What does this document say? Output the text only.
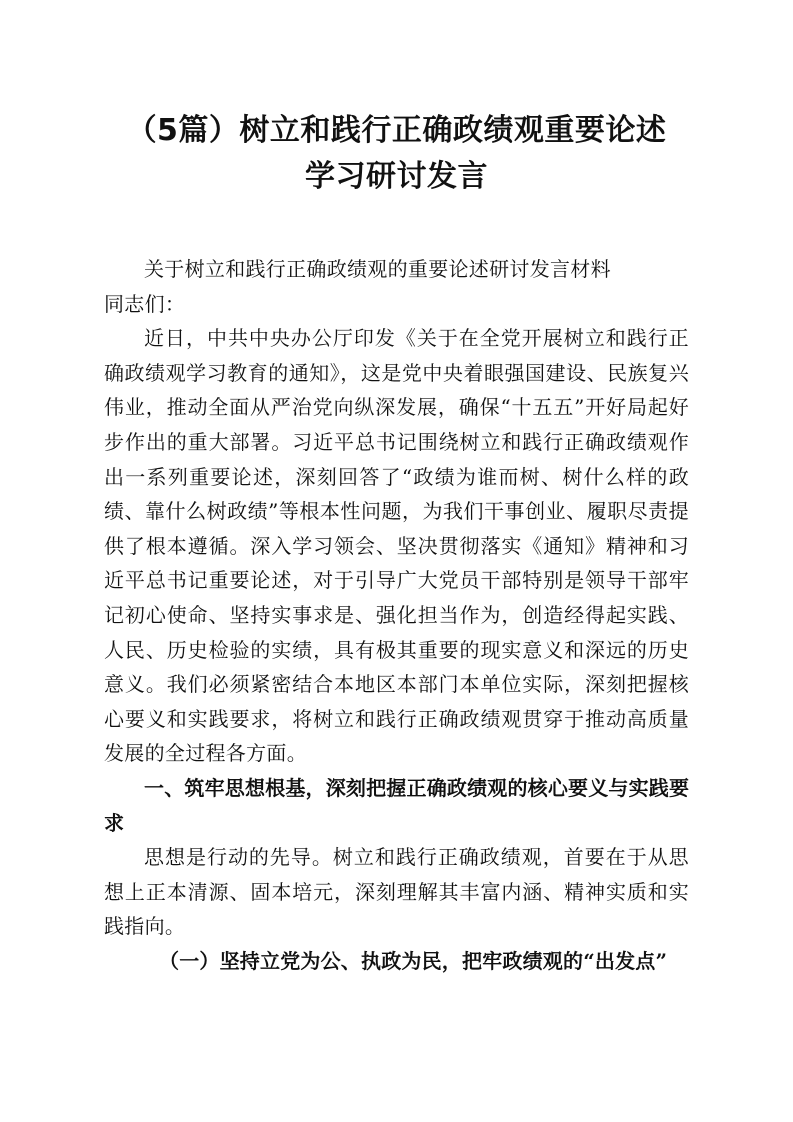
（5篇）树立和践行正确政绩观重要论述
学习研讨发言

关于树立和践行正确政绩观的重要论述研讨发言材料

同志们：

近日，中共中央办公厅印发《关于在全党开展树立和践行正确政绩观学习教育的通知》，这是党中央着眼强国建设、民族复兴伟业，推动全面从严治党向纵深发展，确保“十五五”开好局起好步作出的重大部署。习近平总书记围绕树立和践行正确政绩观作出一系列重要论述，深刻回答了“政绩为谁而树、树什么样的政绩、靠什么树政绩”等根本性问题，为我们干事创业、履职尽责提供了根本遵循。深入学习领会、坚决贯彻落实《通知》精神和习近平总书记重要论述，对于引导广大党员干部特别是领导干部牢记初心使命、坚持实事求是、强化担当作为，创造经得起实践、人民、历史检验的实绩，具有极其重要的现实意义和深远的历史意义。我们必须紧密结合本地区本部门本单位实际，深刻把握核心要义和实践要求，将树立和践行正确政绩观贯穿于推动高质量发展的全过程各方面。

一、筑牢思想根基，深刻把握正确政绩观的核心要义与实践要求

思想是行动的先导。树立和践行正确政绩观，首要在于从思想上正本清源、固本培元，深刻理解其丰富内涵、精神实质和实践指向。

（一）坚持立党为公、执政为民，把牢政绩观的“出发点”
